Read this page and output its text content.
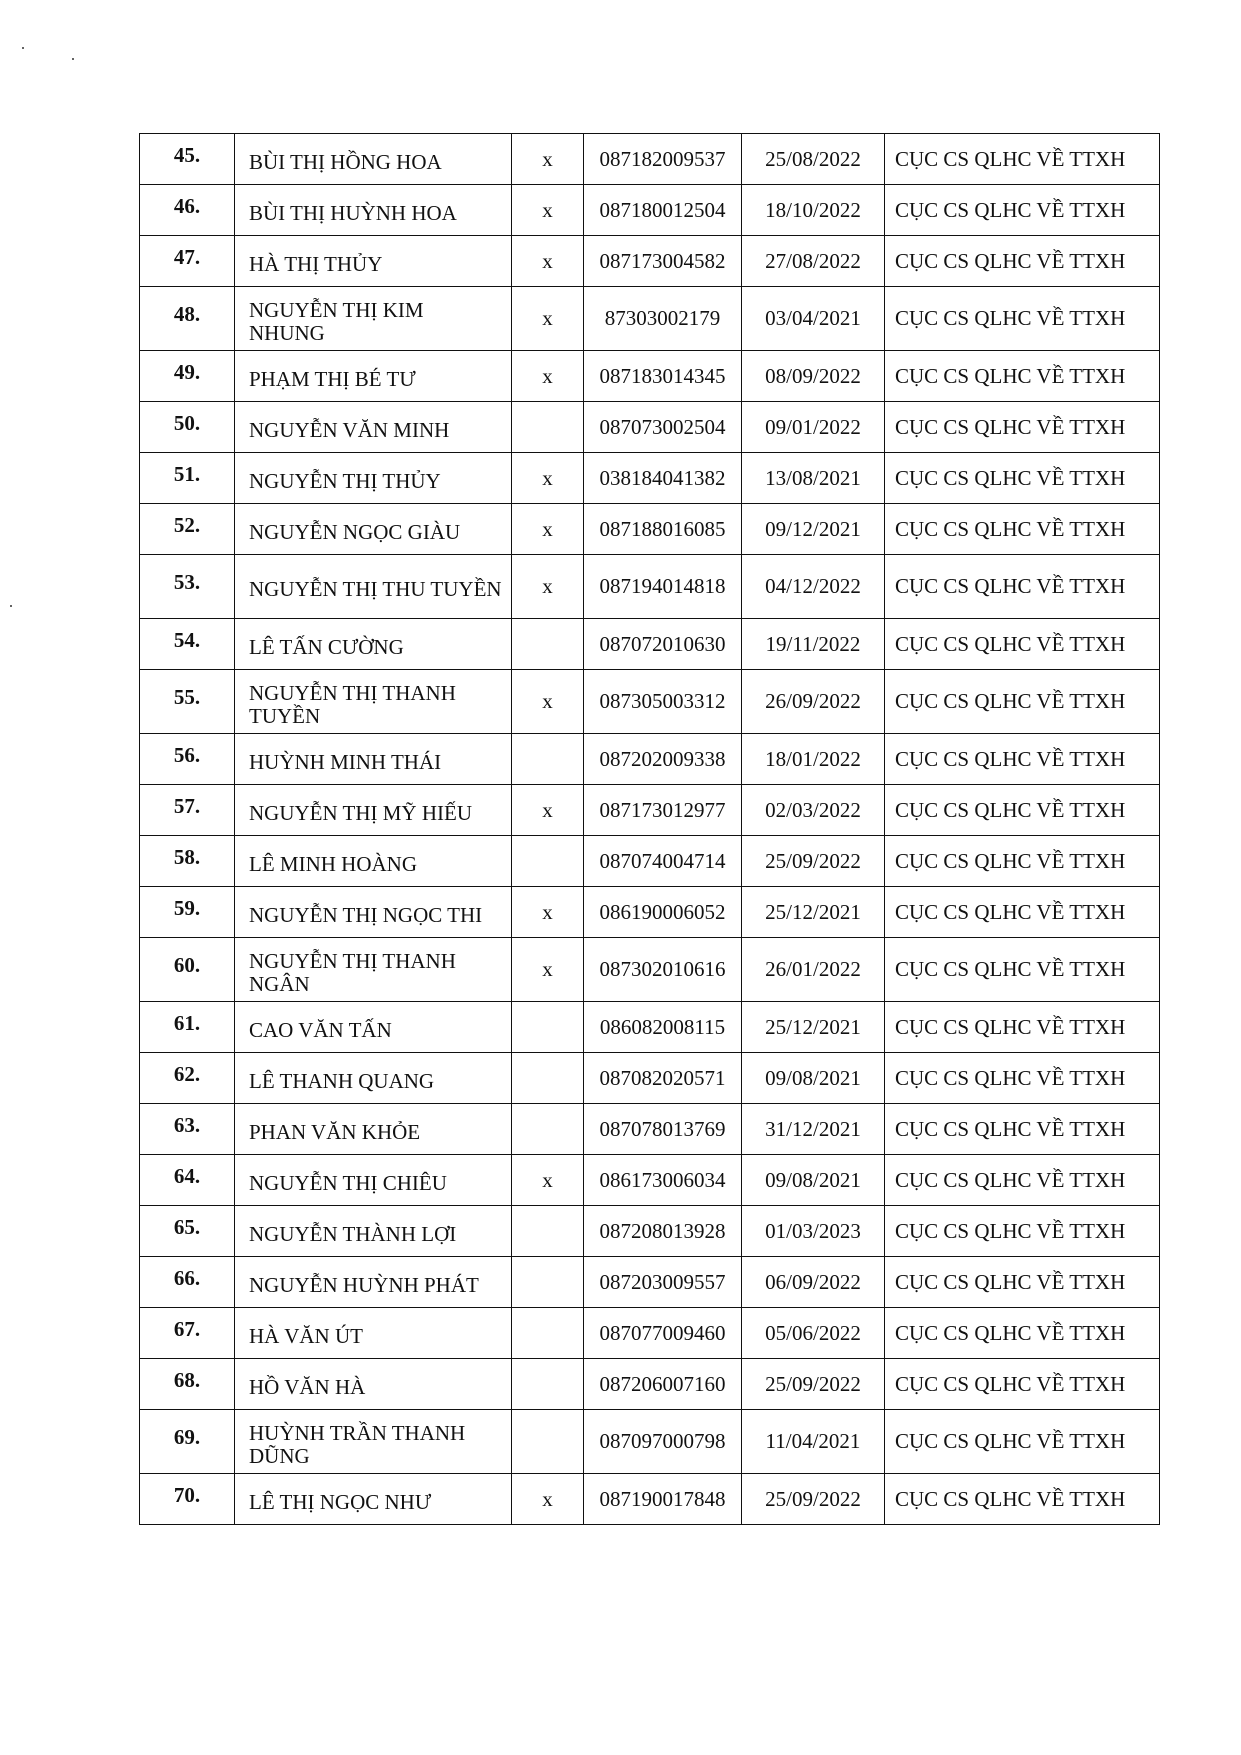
45.	BÙI THỊ HỒNG HOA	x	087182009537	25/08/2022	CỤC CS QLHC VỀ TTXH
46.	BÙI THỊ HUỲNH HOA	x	087180012504	18/10/2022	CỤC CS QLHC VỀ TTXH
47.	HÀ THỊ THỦY	x	087173004582	27/08/2022	CỤC CS QLHC VỀ TTXH
48.	NGUYỄN THỊ KIM NHUNG	x	87303002179	03/04/2021	CỤC CS QLHC VỀ TTXH
49.	PHẠM THỊ BÉ TƯ	x	087183014345	08/09/2022	CỤC CS QLHC VỀ TTXH
50.	NGUYỄN VĂN MINH		087073002504	09/01/2022	CỤC CS QLHC VỀ TTXH
51.	NGUYỄN THỊ THỦY	x	038184041382	13/08/2021	CỤC CS QLHC VỀ TTXH
52.	NGUYỄN NGỌC GIÀU	x	087188016085	09/12/2021	CỤC CS QLHC VỀ TTXH
53.	NGUYỄN THỊ THU TUYỀN	x	087194014818	04/12/2022	CỤC CS QLHC VỀ TTXH
54.	LÊ TẤN CƯỜNG		087072010630	19/11/2022	CỤC CS QLHC VỀ TTXH
55.	NGUYỄN THỊ THANH TUYỀN	x	087305003312	26/09/2022	CỤC CS QLHC VỀ TTXH
56.	HUỲNH MINH THÁI		087202009338	18/01/2022	CỤC CS QLHC VỀ TTXH
57.	NGUYỄN THỊ MỸ HIẾU	x	087173012977	02/03/2022	CỤC CS QLHC VỀ TTXH
58.	LÊ MINH HOÀNG		087074004714	25/09/2022	CỤC CS QLHC VỀ TTXH
59.	NGUYỄN THỊ NGỌC THI	x	086190006052	25/12/2021	CỤC CS QLHC VỀ TTXH
60.	NGUYỄN THỊ THANH NGÂN	x	087302010616	26/01/2022	CỤC CS QLHC VỀ TTXH
61.	CAO VĂN TẤN		086082008115	25/12/2021	CỤC CS QLHC VỀ TTXH
62.	LÊ THANH QUANG		087082020571	09/08/2021	CỤC CS QLHC VỀ TTXH
63.	PHAN VĂN KHỎE		087078013769	31/12/2021	CỤC CS QLHC VỀ TTXH
64.	NGUYỄN THỊ CHIÊU	x	086173006034	09/08/2021	CỤC CS QLHC VỀ TTXH
65.	NGUYỄN THÀNH LỢI		087208013928	01/03/2023	CỤC CS QLHC VỀ TTXH
66.	NGUYỄN HUỲNH PHÁT		087203009557	06/09/2022	CỤC CS QLHC VỀ TTXH
67.	HÀ VĂN ÚT		087077009460	05/06/2022	CỤC CS QLHC VỀ TTXH
68.	HỒ VĂN HÀ		087206007160	25/09/2022	CỤC CS QLHC VỀ TTXH
69.	HUỲNH TRẦN THANH DŨNG		087097000798	11/04/2021	CỤC CS QLHC VỀ TTXH
70.	LÊ THỊ NGỌC NHƯ	x	087190017848	25/09/2022	CỤC CS QLHC VỀ TTXH
